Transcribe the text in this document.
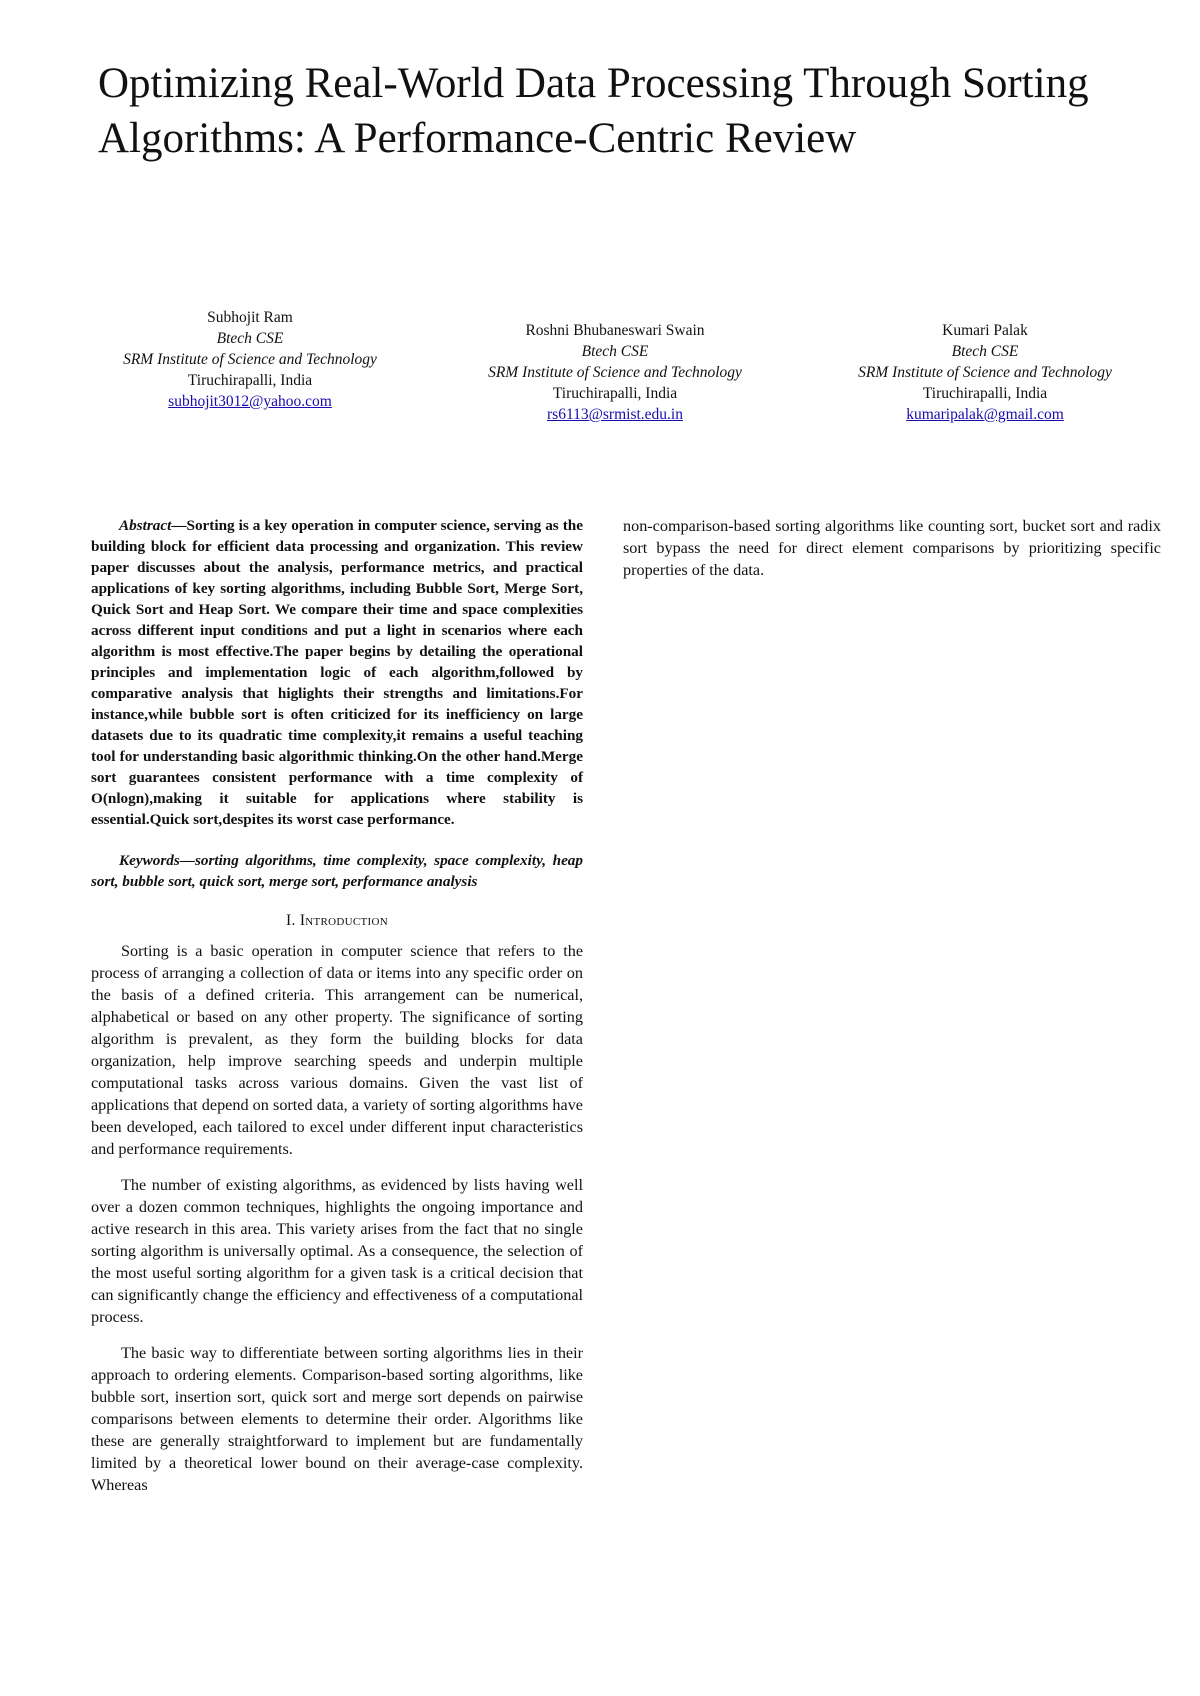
Optimizing Real-World Data Processing Through Sorting Algorithms: A Performance-Centric Review
Subhojit Ram
Btech CSE
SRM Institute of Science and Technology
Tiruchirapalli, India
subhojit3012@yahoo.com
Roshni Bhubaneswari Swain
Btech CSE
SRM Institute of Science and Technology
Tiruchirapalli, India
rs6113@srmist.edu.in
Kumari Palak
Btech CSE
SRM Institute of Science and Technology
Tiruchirapalli, India
kumaripalak@gmail.com

Abstract—Sorting is a key operation in computer science, serving as the building block for efficient data processing and organization. This review paper discusses about the analysis, performance metrics, and practical applications of key sorting algorithms, including Bubble Sort, Merge Sort, Quick Sort and Heap Sort. We compare their time and space complexities across different input conditions and put a light in scenarios where each algorithm is most effective.The paper begins by detailing the operational principles and implementation logic of each algorithm,followed by comparative analysis that higlights their strengths and limitations.For instance,while bubble sort is often criticized for its inefficiency on large datasets due to its quadratic time complexity,it remains a useful teaching tool for understanding basic algorithmic thinking.On the other hand.Merge sort guarantees consistent performance with a time complexity of O(nlogn),making it suitable for applications where stability is essential.Quick sort,despites its worst case performance.

Keywords—sorting algorithms, time complexity, space complexity, heap sort, bubble sort, quick sort, merge sort, performance analysis

I. Introduction

Sorting is a basic operation in computer science that refers to the process of arranging a collection of data or items into any specific order on the basis of a defined criteria. This arrangement can be numerical, alphabetical or based on any other property. The significance of sorting algorithm is prevalent, as they form the building blocks for data organization, help improve searching speeds and underpin multiple computational tasks across various domains. Given the vast list of applications that depend on sorted data, a variety of sorting algorithms have been developed, each tailored to excel under different input characteristics and performance requirements.

The number of existing algorithms, as evidenced by lists having well over a dozen common techniques, highlights the ongoing importance and active research in this area. This variety arises from the fact that no single sorting algorithm is universally optimal. As a consequence, the selection of the most useful sorting algorithm for a given task is a critical decision that can significantly change the efficiency and effectiveness of a computational process.

The basic way to differentiate between sorting algorithms lies in their approach to ordering elements. Comparison-based sorting algorithms, like bubble sort, insertion sort, quick sort and merge sort depends on pairwise comparisons between elements to determine their order. Algorithms like these are generally straightforward to implement but are fundamentally limited by a theoretical lower bound on their average-case complexity. Whereas

non-comparison-based sorting algorithms like counting sort, bucket sort and radix sort bypass the need for direct element comparisons by prioritizing specific properties of the data.
